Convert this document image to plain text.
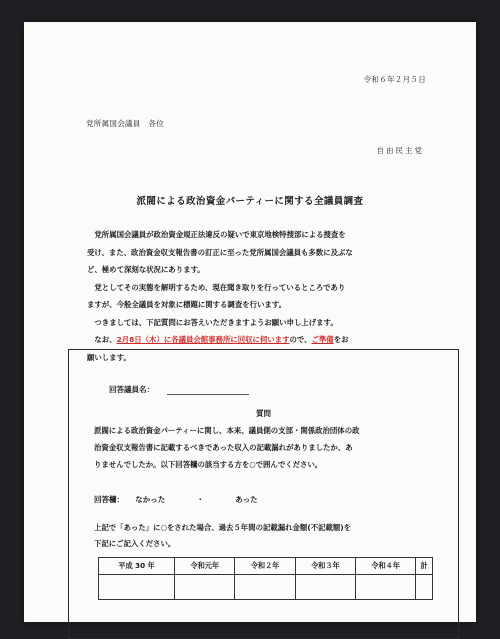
令和６年２月５日
党所属国会議員　各位
自由民主党
派閥による政治資金パーティーに関する全議員調査

　党所属国会議員が政治資金規正法違反の疑いで東京地検特捜部による捜査を

受け、また、政治資金収支報告書の訂正に至った党所属国会議員も多数に及ぶな

ど、極めて深刻な状況にあります。

　党としてその実態を解明するため、現在聞き取りを行っているところであり

ますが、今般全議員を対象に標題に関する調査を行います。

　つきましては、下記質問にお答えいただきますようお願い申し上げます。

　なお、2月8日（木）に各議員会館事務所に回収に伺いますので、ご準備をお

願いします。

回答議員名：
質問

派閥による政治資金パーティーに関し、本来、議員側の支部・関係政治団体の政

治資金収支報告書に記載するべきであった収入の記載漏れがありましたか、あ

りませんでしたか。以下回答欄の該当する方を○で囲んでください。

回答欄： なかった	・	あった

上記で「あった」に○をされた場合、過去５年間の記載漏れ金額(不記載額)を

下記にご記入ください。

平成 30 年	令和元年	令和２年	令和３年	令和４年	計
